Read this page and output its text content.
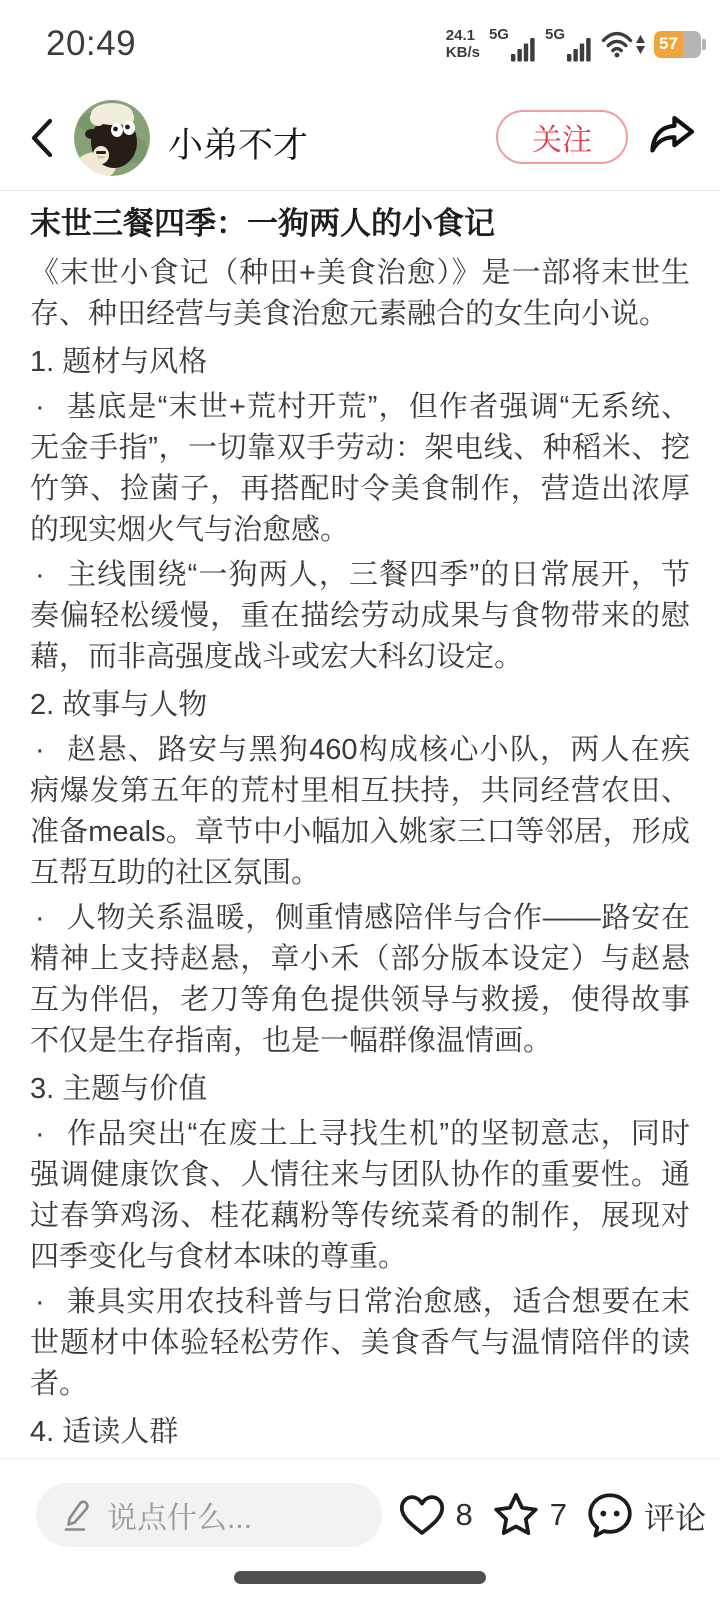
20:49	24.1
KB/s
5G 5G	57
小弟不才	关注
末世三餐四季：一狗两人的小食记

《末世小食记（种田+美食治愈）》是一部将末世生存、种田经营与美食治愈元素融合的女生向小说。

1. 题材与风格

· 基底是“末世+荒村开荒”，但作者强调“无系统、无金手指”，一切靠双手劳动：架电线、种稻米、挖竹笋、捡菌子，再搭配时令美食制作，营造出浓厚的现实烟火气与治愈感。

· 主线围绕“一狗两人，三餐四季”的日常展开，节奏偏轻松缓慢，重在描绘劳动成果与食物带来的慰藉，而非高强度战斗或宏大科幻设定。

2. 故事与人物

· 赵悬、路安与黑狗460构成核心小队，两人在疾病爆发第五年的荒村里相互扶持，共同经营农田、准备meals。章节中小幅加入姚家三口等邻居，形成互帮互助的社区氛围。

· 人物关系温暖，侧重情感陪伴与合作——路安在精神上支持赵悬，章小禾（部分版本设定）与赵悬互为伴侣，老刀等角色提供领导与救援，使得故事不仅是生存指南，也是一幅群像温情画。

3. 主题与价值

· 作品突出“在废土上寻找生机”的坚韧意志，同时强调健康饮食、人情往来与团队协作的重要性。通过春笋鸡汤、桂花藕粉等传统菜肴的制作，展现对四季变化与食材本味的尊重。

· 兼具实用农技科普与日常治愈感，适合想要在末世题材中体验轻松劳作、美食香气与温情陪伴的读者。

4. 适读人群

说点什么...	8 7 评论
